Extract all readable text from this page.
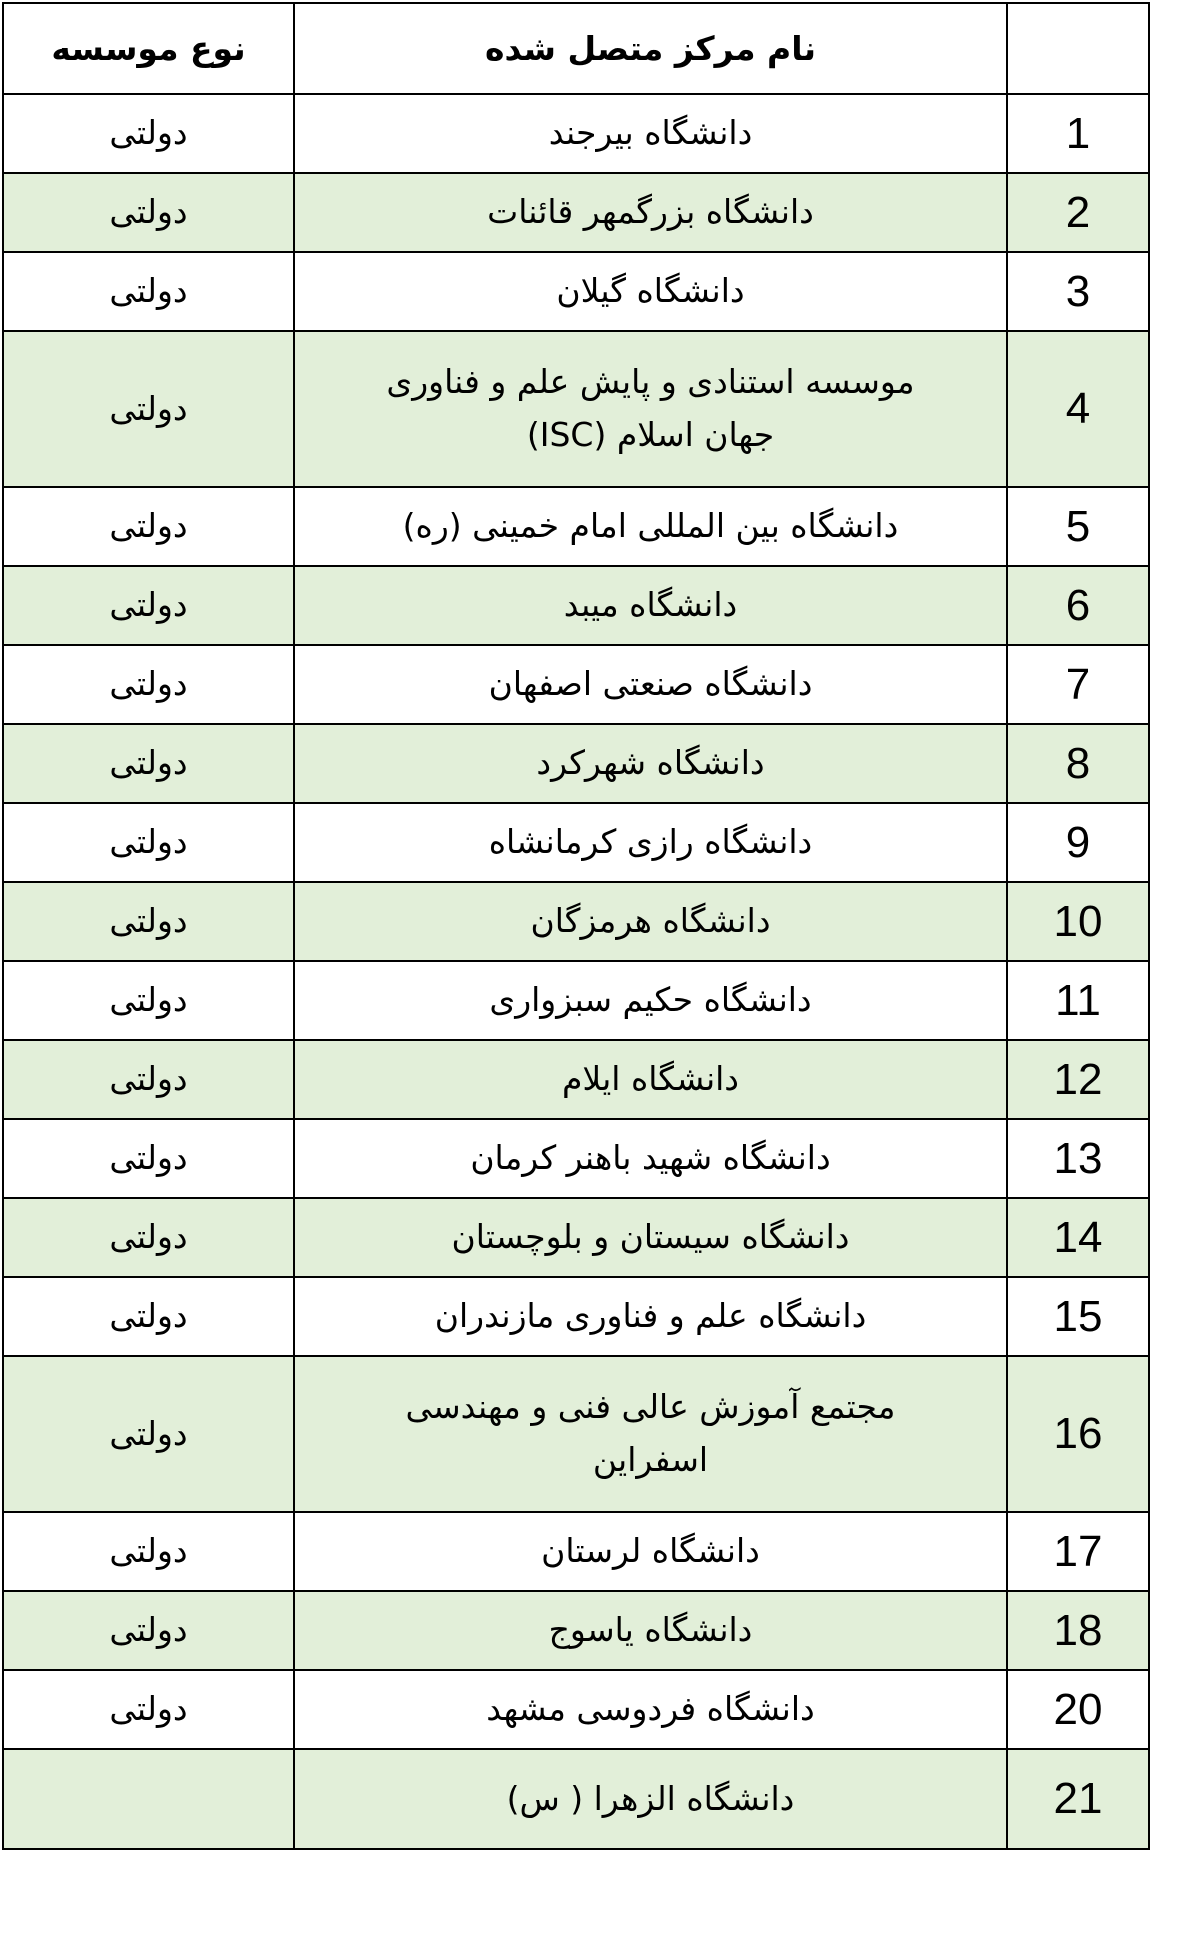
نوع موسسه	نام مرکز متصل شده	
دولتی	دانشگاه بیرجند	1
دولتی	دانشگاه بزرگمهر قائنات	2
دولتی	دانشگاه گیلان	3
دولتی	موسسه استنادی و پایش علم و فناوری جهان اسلام (ISC)	4
دولتی	دانشگاه بین المللی امام خمینی (ره)	5
دولتی	دانشگاه میبد	6
دولتی	دانشگاه صنعتی اصفهان	7
دولتی	دانشگاه شهرکرد	8
دولتی	دانشگاه رازی کرمانشاه	9
دولتی	دانشگاه هرمزگان	10
دولتی	دانشگاه حکیم سبزواری	11
دولتی	دانشگاه ایلام	12
دولتی	دانشگاه شهید باهنر کرمان	13
دولتی	دانشگاه سیستان و بلوچستان	14
دولتی	دانشگاه علم و فناوری مازندران	15
دولتی	مجتمع آموزش عالی فنی و مهندسی اسفراین	16
دولتی	دانشگاه لرستان	17
دولتی	دانشگاه یاسوج	18
دولتی	دانشگاه فردوسی مشهد	20
	دانشگاه الزهرا ( س)	21
